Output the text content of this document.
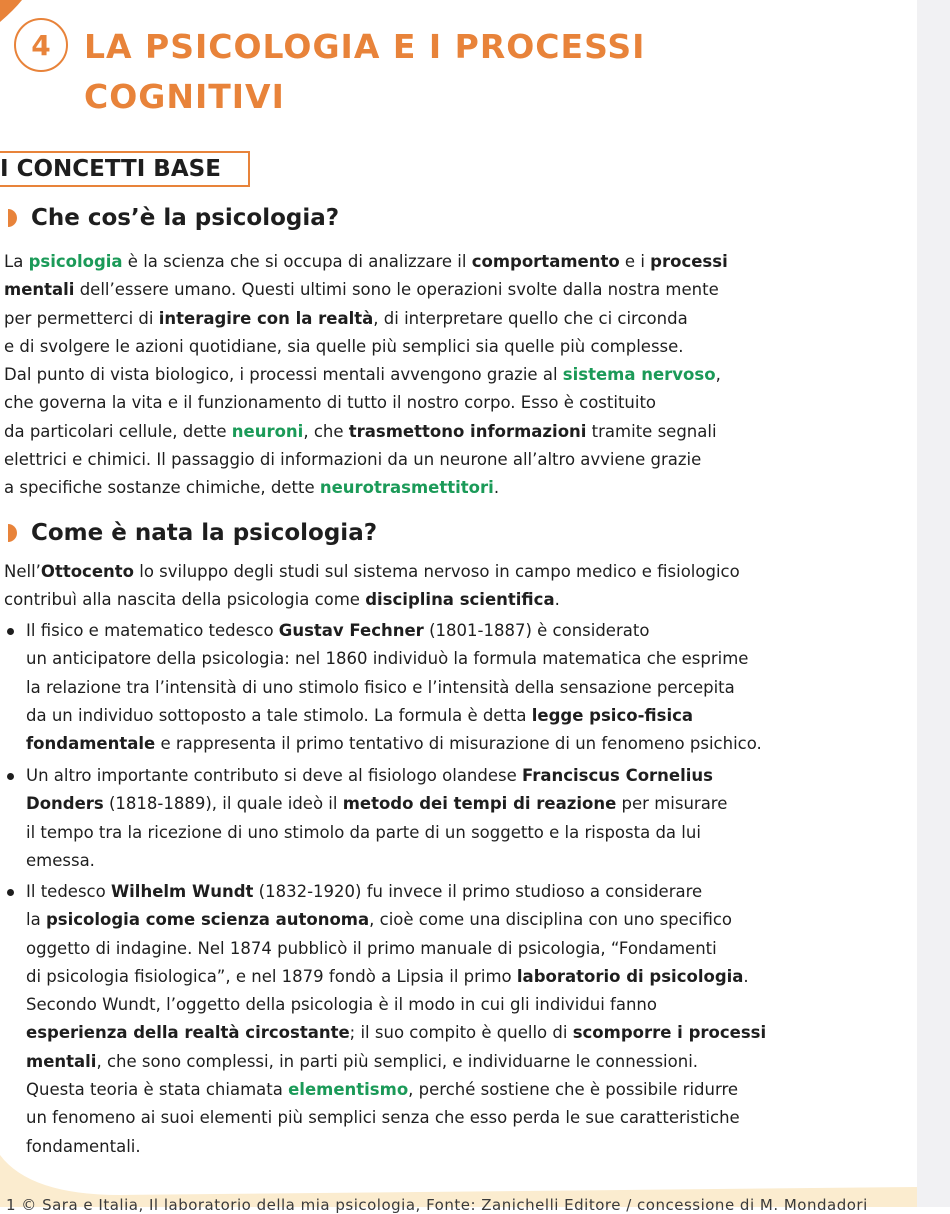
4 LA PSICOLOGIA E I PROCESSI COGNITIVI
I CONCETTI BASE
Che cos’è la psicologia?
La psicologia è la scienza che si occupa di analizzare il comportamento e i processi
mentali dell’essere umano. Questi ultimi sono le operazioni svolte dalla nostra mente
per permetterci di interagire con la realtà, di interpretare quello che ci circonda
e di svolgere le azioni quotidiane, sia quelle più semplici sia quelle più complesse.
Dal punto di vista biologico, i processi mentali avvengono grazie al sistema nervoso,
che governa la vita e il funzionamento di tutto il nostro corpo. Esso è costituito
da particolari cellule, dette neuroni, che trasmettono informazioni tramite segnali
elettrici e chimici. Il passaggio di informazioni da un neurone all’altro avviene grazie
a specifiche sostanze chimiche, dette neurotrasmettitori.
Come è nata la psicologia?
Nell’Ottocento lo sviluppo degli studi sul sistema nervoso in campo medico e fisiologico
contribuì alla nascita della psicologia come disciplina scientifica.
Il fisico e matematico tedesco Gustav Fechner (1801-1887) è considerato
un anticipatore della psicologia: nel 1860 individuò la formula matematica che esprime
la relazione tra l’intensità di uno stimolo fisico e l’intensità della sensazione percepita
da un individuo sottoposto a tale stimolo. La formula è detta legge psico-fisica
fondamentale e rappresenta il primo tentativo di misurazione di un fenomeno psichico.
Un altro importante contributo si deve al fisiologo olandese Franciscus Cornelius
Donders (1818-1889), il quale ideò il metodo dei tempi di reazione per misurare
il tempo tra la ricezione di uno stimolo da parte di un soggetto e la risposta da lui
emessa.
Il tedesco Wilhelm Wundt (1832-1920) fu invece il primo studioso a considerare
la psicologia come scienza autonoma, cioè come una disciplina con uno specifico
oggetto di indagine. Nel 1874 pubblicò il primo manuale di psicologia, “Fondamenti
di psicologia fisiologica”, e nel 1879 fondò a Lipsia il primo laboratorio di psicologia.
Secondo Wundt, l’oggetto della psicologia è il modo in cui gli individui fanno
esperienza della realtà circostante; il suo compito è quello di scomporre i processi
mentali, che sono complessi, in parti più semplici, e individuarne le connessioni.
Questa teoria è stata chiamata elementismo, perché sostiene che è possibile ridurre
un fenomeno ai suoi elementi più semplici senza che esso perda le sue caratteristiche
fondamentali.
1 © Sara e Italia, Il laboratorio della mia psicologia, Fonte: Zanichelli Editore / concessione di M. Mondadori
